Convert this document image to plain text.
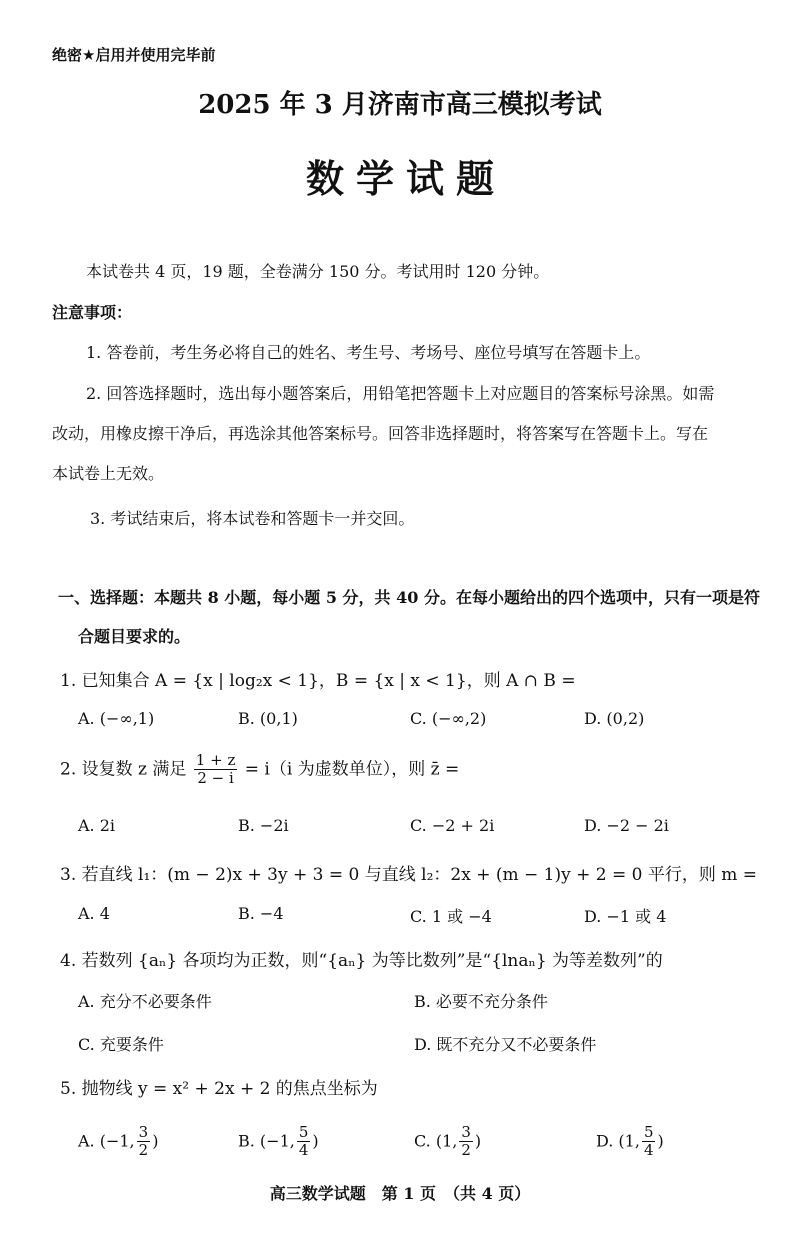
绝密★启用并使用完毕前
2025 年 3 月济南市高三模拟考试
数学试题
本试卷共 4 页，19 题，全卷满分 150 分。考试用时 120 分钟。
注意事项：
1. 答卷前，考生务必将自己的姓名、考生号、考场号、座位号填写在答题卡上。
2. 回答选择题时，选出每小题答案后，用铅笔把答题卡上对应题目的答案标号涂黑。如需
改动，用橡皮擦干净后，再选涂其他答案标号。回答非选择题时，将答案写在答题卡上。写在
本试卷上无效。
3. 考试结束后，将本试卷和答题卡一并交回。
一、选择题：本题共 8 小题，每小题 5 分，共 40 分。在每小题给出的四个选项中，只有一项是符
合题目要求的。
1. 已知集合 A = {x | log₂x < 1}，B = {x | x < 1}，则 A ∩ B =
A. (−∞,1)	B. (0,1)	C. (−∞,2)	D. (0,2)
2. 设复数 z 满足 $\frac{1 + z}{2 - i} = i(i$ 为虚数单位），则 z̄ =
A. 2i	B. −2i	C. −2 + 2i	D. −2 − 2i
3. 若直线 l₁：(m − 2)x + 3y + 3 = 0 与直线 l₂：2x + (m − 1)y + 2 = 0 平行，则 m =
A. 4	B. −4	C. 1 或 −4	D. −1 或 4
4. 若数列 {aₙ} 各项均为正数，则“{aₙ} 为等比数列”是“{lnaₙ} 为等差数列”的
A. 充分不必要条件	B. 必要不充分条件
C. 充要条件	D. 既不充分又不必要条件
5. 抛物线 y = x² + 2x + 2 的焦点坐标为
A. (−1, $\frac{3}{2}$ )	B. (−1, $\frac{5}{4}$ )	C. (1, $\frac{3}{2}$ )	D. (1, $\frac{5}{4}$ )
高三数学试题　第 1 页　（共 4 页）
